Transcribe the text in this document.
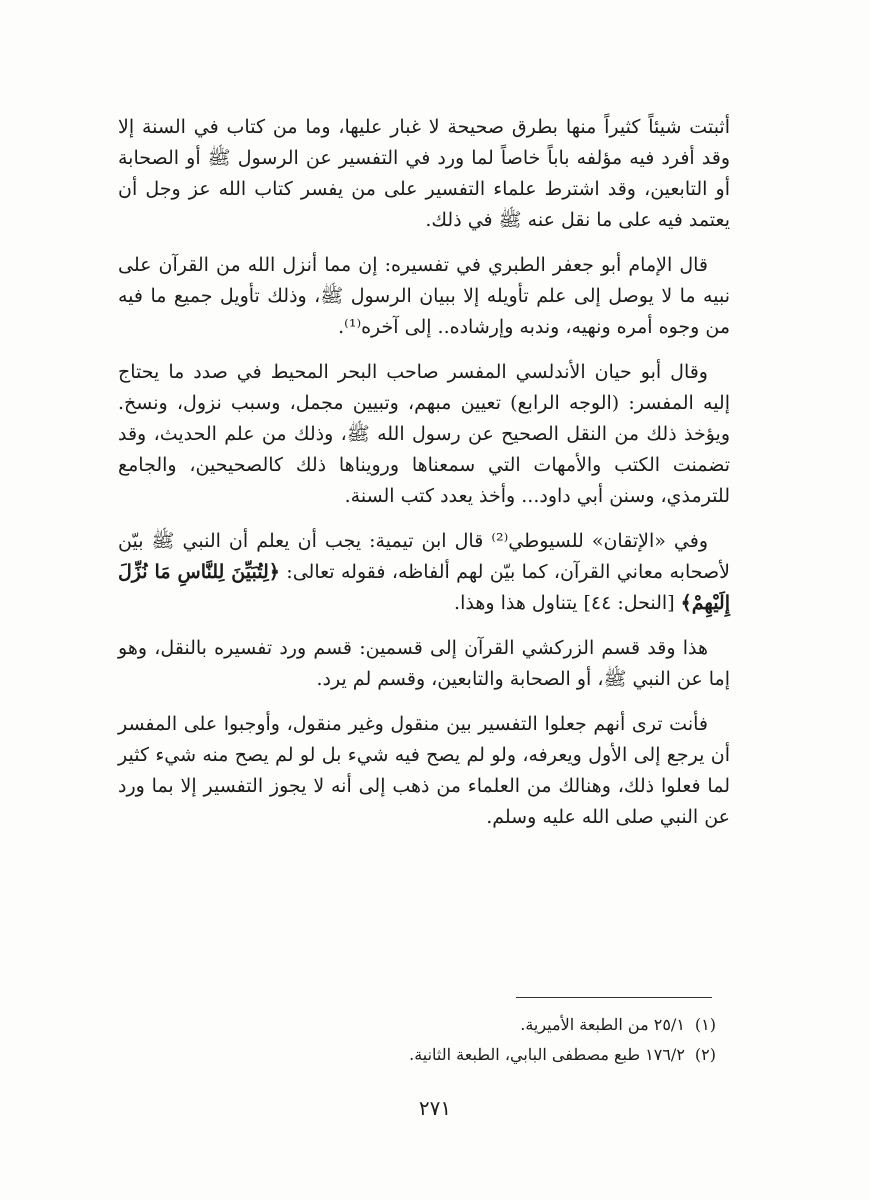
أثبتت شيئاً كثيراً منها بطرق صحيحة لا غبار عليها، وما من كتاب في السنة إلا وقد أفرد فيه مؤلفه باباً خاصاً لما ورد في التفسير عن الرسول ﷺ أو الصحابة أو التابعين، وقد اشترط علماء التفسير على من يفسر كتاب الله عز وجل أن يعتمد فيه على ما نقل عنه ﷺ في ذلك.

قال الإمام أبو جعفر الطبري في تفسيره: إن مما أنزل الله من القرآن على نبيه ما لا يوصل إلى علم تأويله إلا ببيان الرسول ﷺ، وذلك تأويل جميع ما فيه من وجوه أمره ونهيه، وندبه وإرشاده.. إلى آخره⁽¹⁾.

وقال أبو حيان الأندلسي المفسر صاحب البحر المحيط في صدد ما يحتاج إليه المفسر: (الوجه الرابع) تعيين مبهم، وتبيين مجمل، وسبب نزول، ونسخ. ويؤخذ ذلك من النقل الصحيح عن رسول الله ﷺ، وذلك من علم الحديث، وقد تضمنت الكتب والأمهات التي سمعناها ورويناها ذلك كالصحيحين، والجامع للترمذي، وسنن أبي داود... وأخذ يعدد كتب السنة.

وفي «الإتقان» للسيوطي⁽²⁾ قال ابن تيمية: يجب أن يعلم أن النبي ﷺ بيّن لأصحابه معاني القرآن، كما بيّن لهم ألفاظه، فقوله تعالى: ﴿لِتُبَيِّنَ لِلنَّاسِ مَا نُزِّلَ إِلَيْهِمْ﴾ [النحل: ٤٤] يتناول هذا وهذا.

هذا وقد قسم الزركشي القرآن إلى قسمين: قسم ورد تفسيره بالنقل، وهو إما عن النبي ﷺ، أو الصحابة والتابعين، وقسم لم يرد.

فأنت ترى أنهم جعلوا التفسير بين منقول وغير منقول، وأوجبوا على المفسر أن يرجع إلى الأول ويعرفه، ولو لم يصح فيه شيء بل لو لم يصح منه شيء كثير لما فعلوا ذلك، وهنالك من العلماء من ذهب إلى أنه لا يجوز التفسير إلا بما ورد عن النبي صلى الله عليه وسلم.

(١)٢٥/١ من الطبعة الأميرية.

(٢)١٧٦/٢ طبع مصطفى البابي، الطبعة الثانية.

٢٧١
